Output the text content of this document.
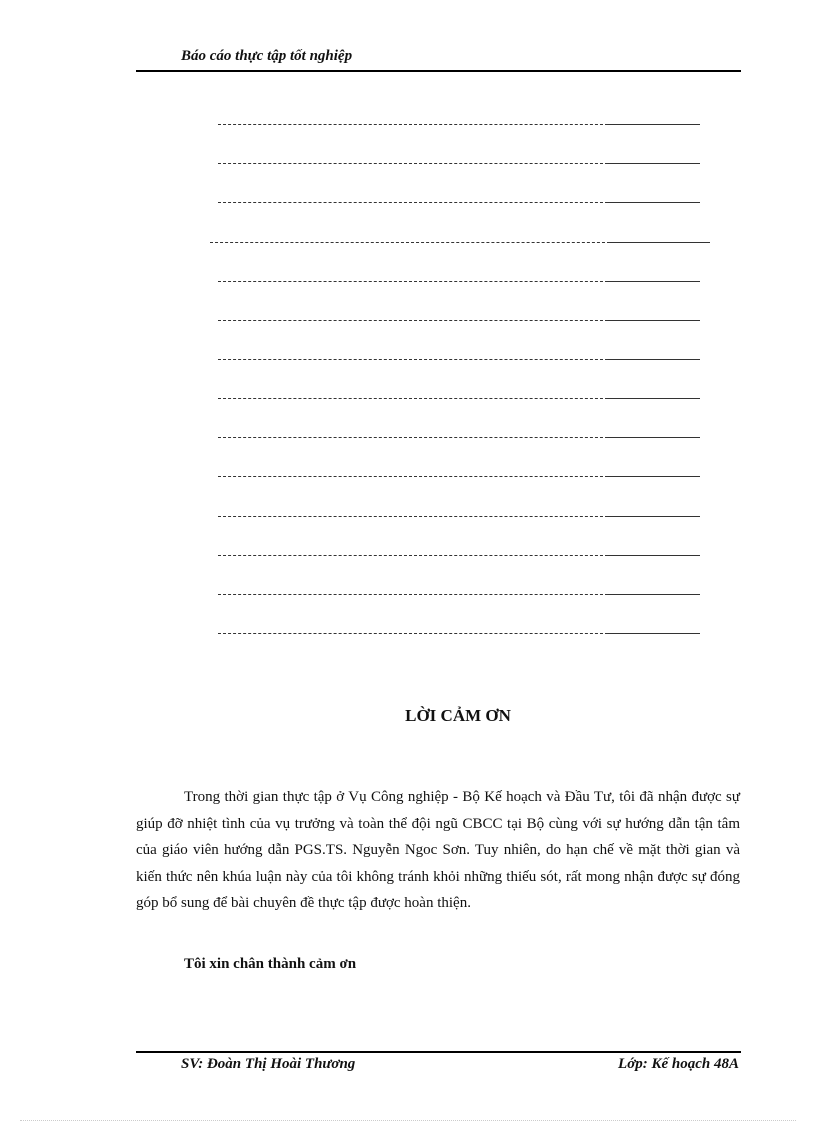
Báo cáo thực tập tốt nghiệp
LỜI CẢM ƠN

Trong thời gian thực tập ở Vụ Công nghiệp - Bộ Kế hoạch và Đầu Tư, tôi đã nhận được sự giúp đỡ nhiệt tình của vụ trưởng và toàn thể đội ngũ CBCC tại Bộ cùng với sự hướng dẫn tận tâm của giáo viên hướng dẫn PGS.TS. Nguyễn Ngoc Sơn. Tuy nhiên, do hạn chế về mặt thời gian và kiến thức nên khúa luận này của tôi không tránh khỏi những thiếu sót, rất mong nhận được sự đóng góp bổ sung để bài chuyên đề thực tập được hoàn thiện.

Tôi xin chân thành cảm ơn
SV: Đoàn Thị Hoài Thương	Lớp: Kế hoạch 48A
